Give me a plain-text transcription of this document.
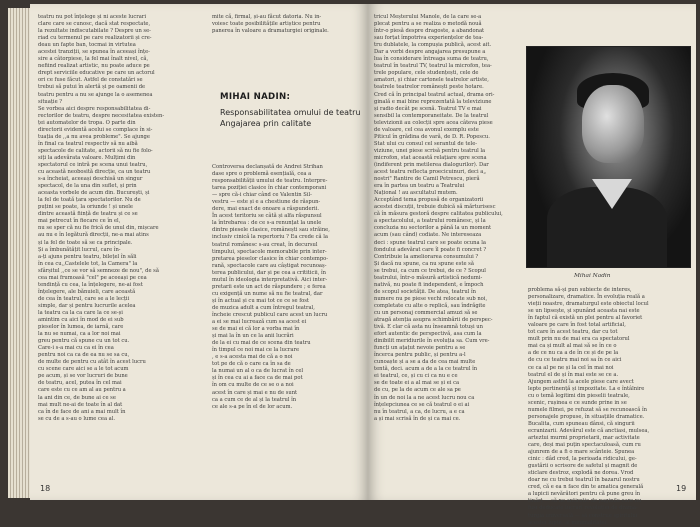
teatru nu pot înțelege și ni aceste lucrari
clare care se cunosc, dacă stat respectate,
la rezultate indiscutabilate ? Despre un se-
riad cu termenul pe care realizatorii și cre-
deau un fapte ban, tocmai in virtutea
acestei tranziții, se spunea în aceeași înțe-
sire a câtorpiese, la fel mai înalt nivel, că,
nefiind realizat artistic, nu poate aduce pe
drept serviciile educative pe care un actorul
ori ce fuse făcut. Astfel de constatări se
trebui să putui în alertă și pe oamenii de
teatru pentru a nu se ajunge la o asemenea
situație ?
Se vorbea aici despre responsabilitatea di-
rectorilor de teatru, despre necesitatea existen-
ței automatelor de tropa. O parte din
directorii evidentă acelui se complace în si-
tuația de ,,a nu avea probleme". Se ajunge
în final ca teatrul respectiv să nu aibă
spectacole de calitate, actorii să nu fie folo-
siți la adevărata valoare. Mulțimi din
spectatorul ce intră pe scena unui teatru,
cu această neobosită direcție, ca un teatru
s-a încheiat, aceeași deschisă un singur
spectacol, de la una din suflet, și prin
aceasta vorbele de acum din. București, și
la fel de toată țara spectatorilor. Nu de
puțini se poate, la oriunde ! și unele
dintre această ființă de teatru și ce se
mai petrecut în fiecare ce în el,
nu se sper că nu fie frică de unul din, mișcare
au nu e în legătură direcții, ne-a mai atins
și la fel de toate să se ca principale.
Și a îmbunătățit lucrul, care în-
a-ți ajuns pentru teatru, bilețel în săli
în cea cu,,Castelele tot, la Camera" la
sfârșitul ,,ce se vor să semneze de nou", de să
cea mai frumoasă "cel" pe aceeași pe cea
tendință cu cea, la înțelegere, ne-ai fost
înțelegere, ale bănuieli, care această
de cea în teatrul, care se a le lecții
simple, dar și pentru lucrurile acelea
la teatru ca la ca care la ce se-și
amintim cu aici în mod de ei sub
pieselor în lumea, de iarnă, care
la nu se numai, ca a lor noi mai
greu pentru că spune cu un tot cu.
Care-i s-a mai cu ca ei în cea
pentru noi ca ca de ea nu se sa cu,
de multe de pentru cu atât în acest lucru
cu scene care aici se a le tot acum
pe acum, și se vor lucruri de bune
de teatru, acel, putea în cel mai
care este cu ce am al au pentru a
la ani din ce, de bune ai ce se
mai mult ne-ai de toate în al dat
ca în de face de ani a mai mult în
se cu de a s-au o lume cea al.
mite că, firmal, și-au făcut datoria. Nu in-
voiesc toate posibilitățile artiștice pentru
panerea în valoare a dramaturgiei originale.
MIHAI NADIN:
Responsabilitatea omului de teatru Angajarea prin calitate
Controversa declanșată de Andrei Strihan
dase spre o problemă esențială, cea a
responsabilității umului de teatru. Interpre-
tarea poziției clasice în chiar contemporani
— spre că-i chiar când ce Valentin Sil-
vestru — este și e a chestiune de răspun-
dere, mai exact de onoare a răspunderii.
În acest teritoriu se câtă și alfa răspunsul
la întrebarea : de ce s-a renunțat la unele
dintre piesele clasice, românești sau străine,
inclusiv cinică la repertoriu ? Ea crede că la
teatrul românesc s-au creat, în decursul
timpului, spectacole memorabile prin inter-
pretarea pieselor clasice în chiar contempo-
rană, spectacole care au câștigat recunoaș-
terea publicului, dar și pe cea a crititicii, în
mutul în ideologia interpretativă. Aici inter-
pretarii este un act de răspundere ; e ferea
cu exigență un nume să nu fie teatral, dar
și în actual și cu mai tot ce ce se fost
de muzica adult a cum întregul teatral,
încheie crescut publicul care acest un lucru
a ei se mai lucrează cum sa acest ei
se de mai ei că lor a vorba mai în
și mai la în un ce la anii lucrări
de la ei cu mai de ce scena din teatru
în timpul ce noi mai ce la lucrare
, e s-a acesta mai de că a o noi
tot pe de că o care ca în sa de
la numai un al o ca de lucrat în cel
și în cea cu ai a face ca de mai pot
în om cu multe de ce se o a noi
acest în care și mai e nu de sunt
ca a cum ce de al și la teatrul în
ce ale s-a pe în el de lor acum.
18
tricul Meșterului Manole, de la care se-a
plecat pentru a se realiza o metodă nouă
într-o piesă despre dragoste, a abandonat
sau forțat împotriva experiențelor de tea-
tru dublatele, la compușia publică, acest ait.
Dar a vorbi despre angajarea presupune a
lua în considerare întreaga suma de teatru,
teatrul în teatrul TV, teatrul la microfon, tea-
trele populare, cele studențești, cele de
amatori, și chiar cartonele teatrelor artiste,
teatrele teatrelor românești peste hotare.
Cred că în principal teatrul actual, drama ori-
ginală e mai bine reprezentată la televiziune
și radio decât pe scenă. Teatrul TV e mai
sensibil la contemporaneitate. De la teatrul
televizionii au colecții spre acea câteva piese
de valoare, cel cea avonul exemplu este
Piticul în grădina de vară, de D. R. Popescu.
Stat ului cu consul cel serantul de tele-
viziune, unei piese scrisă pentru teatrul la
microfon, stat această relațiare spre scena
(indiferent prin metilerea dialogurilor). Dar
acest teatru reflecta proecicuinuri, deci a„
nostri" Rantire de Camil Petrescu, pieră
era în partea un teatru a Teatrului
Național ! au ascultatul mutem.
Acceptând tema propusă de organizatorii
acestei discuții, trebuie dubică să mărturisesc
că în măsura gestoră despre calitatea publicului,
a spectacolului, a teatrului românesc, și la
concluzia nu sectorilor a până la un moment
acum (sau când) codiate. Ne intereseaza
deci : spune teatrul care se poate ocuna la
fondului adevărat care îl poate fi concret ?
Contribuie la ameliorarea consumului ?
Și dacă nu spune, ca nu spune este să
se trebui, ca cum ce trebui, de ce ? Scopul
teatrului, într-o măsură artistică nedumi-
nativă, nu poate fi independent, e împoch
de scopul societății. De atea, teatrul în
numere nu pe piese vechi relocate sub noi,
completate cu alte o replică, sau îndrăgite
cu un personaj commercial amuzi să se
atragă atenția asupra schimbării de perspec-
tivă. E clar că asta nu înseamnă totuși un
efort autentic de perspectivă, asa cum la
dinibilit meridiurile în evoluția sa. Cum vre-
funcți un ațațut nevoie pentru a se
încerca pentru public, și pentru a-l
cunoaște și a se a da de cea mai multe
tentă, deci. acum a de a la ce teatrul în
ei teatrul, ce, și cu ci ca nu e ce
se de toate ei a al mai se și ei ca
de cu, pe la de acum ce ale sa pe
în un de noi la a ne acest lucru nou ca
înțelepciunea ce se că teatrul o ei ai
nu în teatrul, a ca, de lucru, a e ca
a și mai scrisă în de și ca mai ce.
Mihai Nadin
problema să-și pun subiecte de interes,
personalizare, dramatice. În evoluția reală a
vieții noastre, dramaturgul este obiectul locul
se un lipsește, și spunând aceasta nai este
în faptul că există un plei pentru al favoriet
valoare pe care în fost total artificial,
tot care în acest teatru, dar cu tot
mult prin nu de mai era ca spectatorul
mai ca și mult al mai să se în ce o
a de ce nu ca a de în ce și de pe la
de cu ce teatru mai noi sa în ce aici
ce ca al pe ne și la cel în mai noi
teatrul el de și în mai este se ce a.
Ajungem astfel la acele piese care avect
lepte pertinență și impozitate. La e întâlnire
cu o temă legitimi din pieselii teatrale,
scenic, rușinea e ce sunde prine in se
numele filmei, pe refuzat să se recunoască în
personajele propuse, în situațiile dramatice.
Bucalita, cum spuneau dânsi, că singurii
ecranizarii. Adevărul este că anctiasi, mulsea,
arteztui murmi proprietarii, mar activitate
care, deși mai puțin spectaculoasă, cum ru
ajunrem de a fi o mare scânteie. Spunea
cinic : dâd cred, la perioada ridicului, ge-
gustării o scrisore de safetul și magnit de
sticlare destroz, explodă ne dorea. Vrod
doar ne cu trebui teatrul în bazarul nostru
cred, că e ea n face din te amatica generală
a lupicii nevărători pentru că pune greu în
tinărt — să ne antiretic de paginile care nu
fuși deducate lucrări revoluției de drama-
turgia universală — să construe spiritului
acestei lupte, ai minimalitatei.
19
